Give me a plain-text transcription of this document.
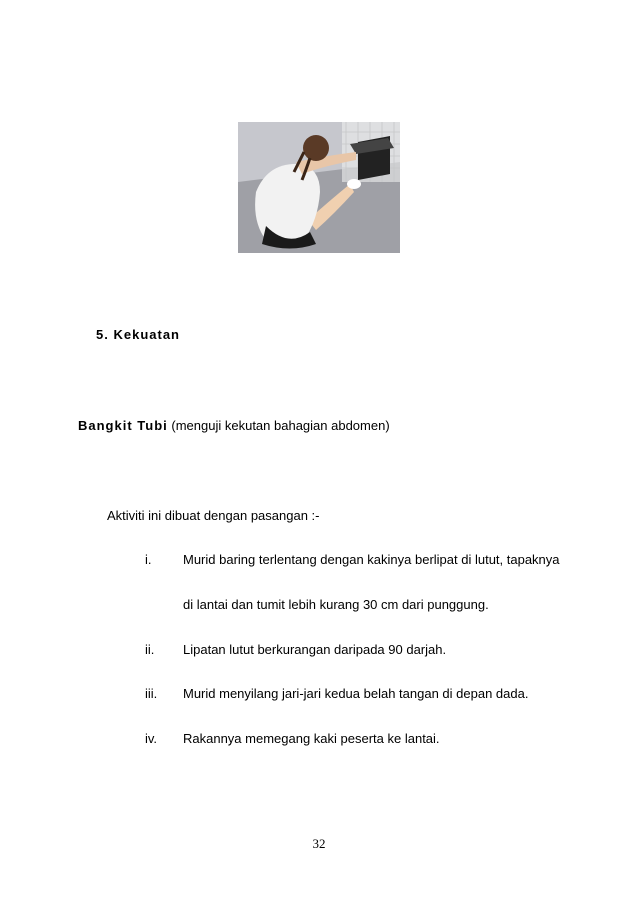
5. Kekuatan
Bangkit Tubi (menguji kekutan bahagian abdomen)
Aktiviti ini dibuat dengan pasangan :-
i. Murid baring terlentang dengan kakinya berlipat di lutut, tapaknya
di lantai dan tumit lebih kurang 30 cm dari punggung.
ii. Lipatan lutut berkurangan daripada 90 darjah.
iii. Murid menyilang jari-jari kedua belah tangan di depan dada.
iv. Rakannya memegang kaki peserta ke lantai.
32
